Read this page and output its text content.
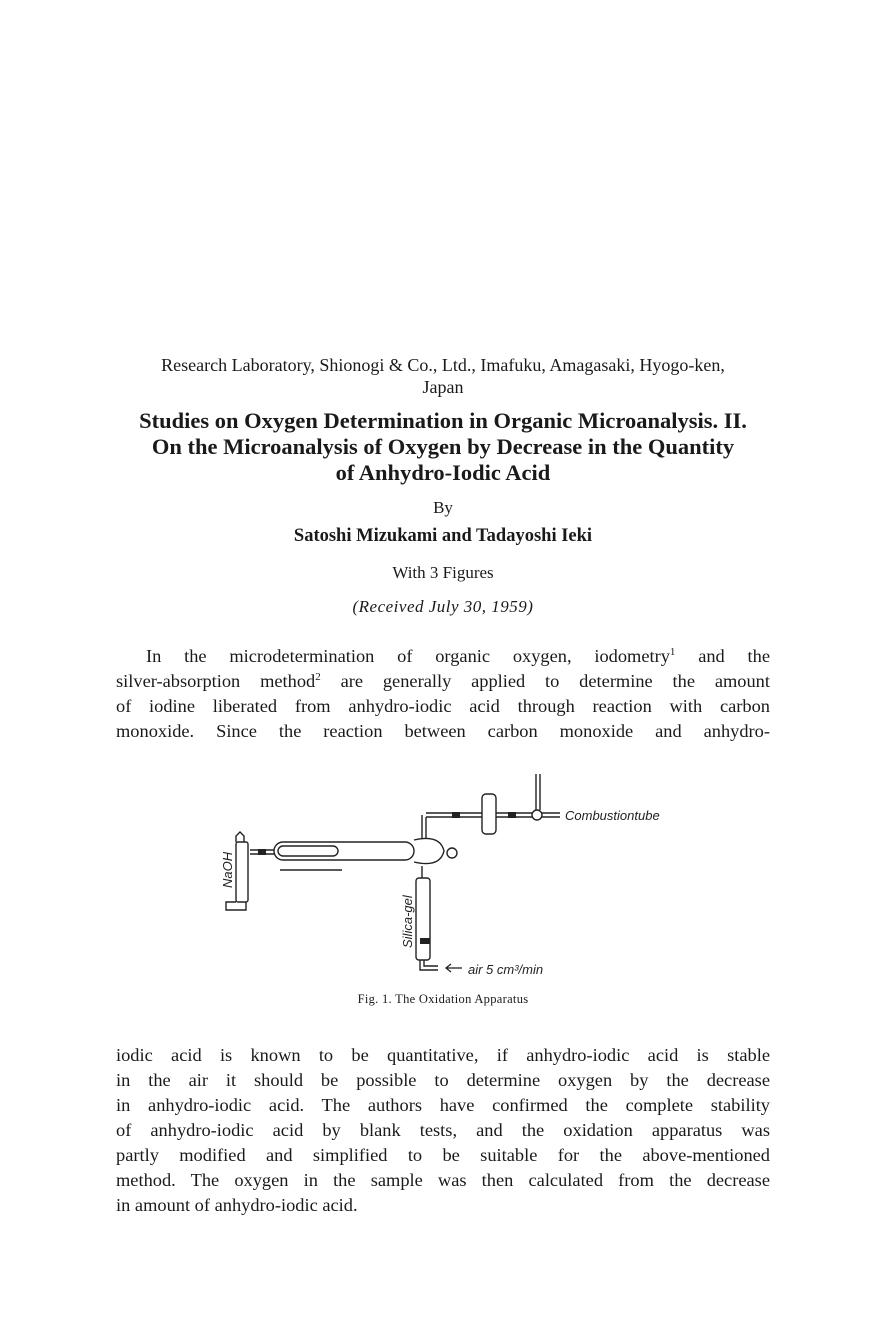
Research Laboratory, Shionogi & Co., Ltd., Imafuku, Amagasaki, Hyogo-ken,
Japan
Studies on Oxygen Determination in Organic Microanalysis. II.
On the Microanalysis of Oxygen by Decrease in the Quantity
of Anhydro-Iodic Acid
By
Satoshi Mizukami and Tadayoshi Ieki
With 3 Figures
(Received July 30, 1959)
In the microdetermination of organic oxygen, iodometry$^1$ and the
silver-absorption method$^2$ are generally applied to determine the amount
of iodine liberated from anhydro-iodic acid through reaction with carbon
monoxide. Since the reaction between carbon monoxide and anhydro-
Combustiontube
air 5 cm³/min
NaOH
Silica-gel
Fig. 1. The Oxidation Apparatus
iodic acid is known to be quantitative, if anhydro-iodic acid is stable
in the air it should be possible to determine oxygen by the decrease
in anhydro-iodic acid. The authors have confirmed the complete stability
of anhydro-iodic acid by blank tests, and the oxidation apparatus was
partly modified and simplified to be suitable for the above-mentioned
method. The oxygen in the sample was then calculated from the decrease
in amount of anhydro-iodic acid.
